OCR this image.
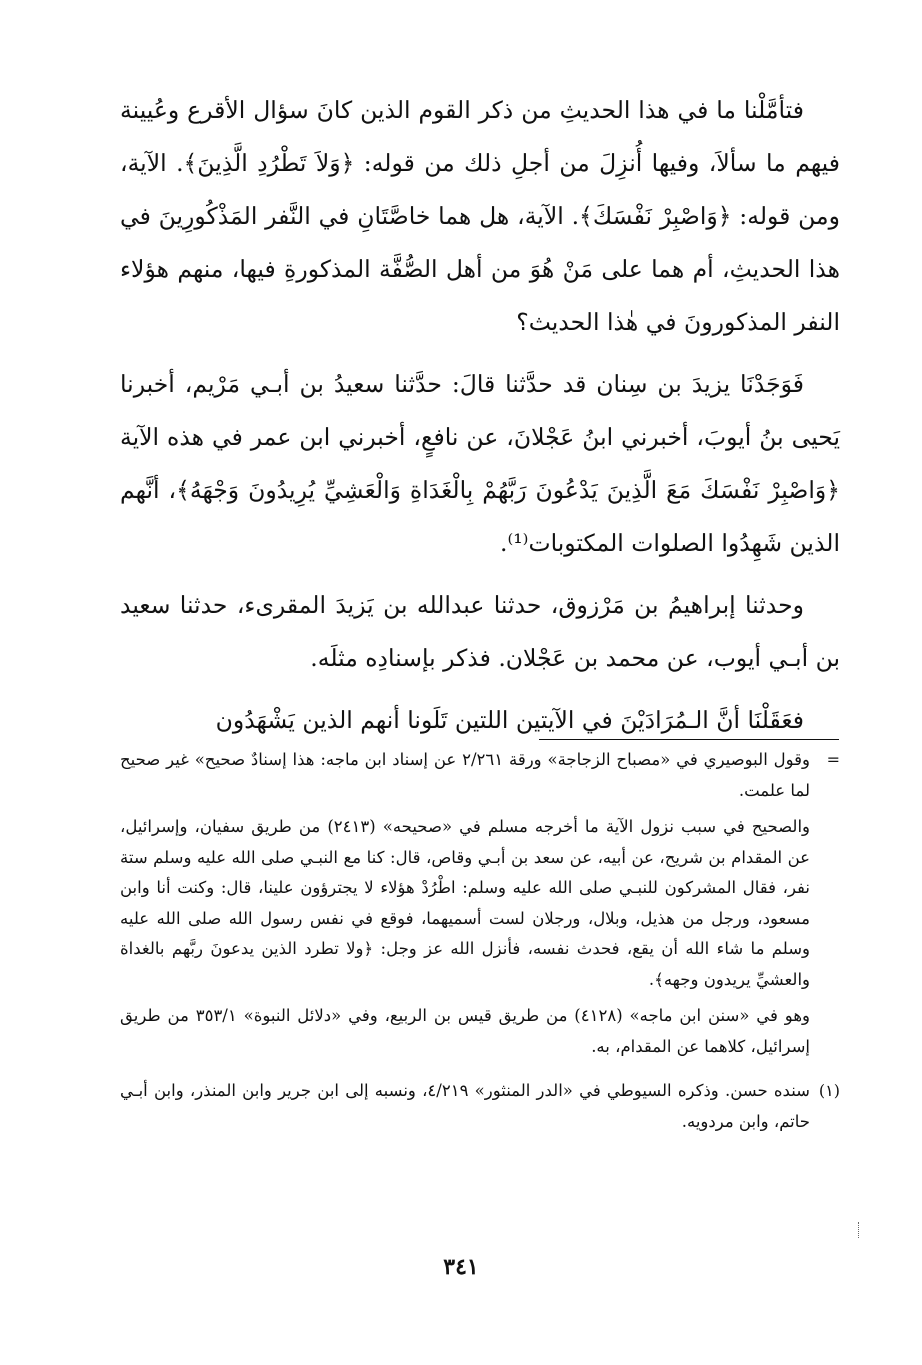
فتأمَّلْنا ما في هذا الحديثِ من ذكر القوم الذين كانَ سؤال الأقرع وعُيينة فيهم ما سألاَ، وفيها أُنزِلَ من أجلِ ذلك من قوله: ﴿وَلاَ تَطْرُدِ الَّذِينَ﴾. الآية، ومن قوله: ﴿وَاصْبِرْ نَفْسَكَ﴾. الآية، هل هما خاصَّتَانِ في النَّفر المَذْكُورِينَ في هذا الحديثِ، أم هما على مَنْ هُوَ من أهل الصُّفَّة المذكورةِ فيها، منهم هؤلاء النفر المذكورونَ في هٰذا الحديث؟

فَوَجَدْنَا يزيدَ بن سِنان قد حدَّثنا قالَ: حدَّثنا سعيدُ بن أبـي مَرْيم، أخبرنا يَحيى بنُ أيوبَ، أخبرني ابنُ عَجْلانَ، عن نافعٍ، أخبرني ابن عمر في هذه الآية ﴿وَاصْبِرْ نَفْسَكَ مَعَ الَّذِينَ يَدْعُونَ رَبَّهُمْ بِالْغَدَاةِ وَالْعَشِيِّ يُرِيدُونَ وَجْهَهُ﴾، أنَّهم الذين شَهِدُوا الصلوات المكتوبات⁽¹⁾.

وحدثنا إبراهيمُ بن مَرْزوق، حدثنا عبدالله بن يَزيدَ المقرىء، حدثنا سعيد بن أبـي أيوب، عن محمد بن عَجْلان. فذكر بإسنادِه مثلَه.

فعَقَلْنَا أنَّ الـمُرَادَيْنَ في الآيتين اللتين تَلَونا أنهم الذين يَشْهَدُون

=

وقول البوصيري في «مصباح الزجاجة» ورقة ٢/٢٦١ عن إسناد ابن ماجه: هذا إسنادٌ صحيح» غير صحيح لما علمت.

والصحيح في سبب نزول الآية ما أخرجه مسلم في «صحيحه» (٢٤١٣) من طريق سفيان، وإسرائيل، عن المقدام بن شريح، عن أبيه، عن سعد بن أبـي وقاص، قال: كنا مع النبـي صلى الله عليه وسلم ستة نفر، فقال المشركون للنبـي صلى الله عليه وسلم: اطْرُدْ هؤلاء لا يجترؤون علينا، قال: وكنت أنا وابن مسعود، ورجل من هذيل، وبلال، ورجلان لست أسميهما، فوقع في نفس رسول الله صلى الله عليه وسلم ما شاء الله أن يقع، فحدث نفسه، فأنزل الله عز وجل: ﴿ولا تطرد الذين يدعونَ ربَّهم بالغداة والعشيِّ يريدون وجهه﴾.

وهو في «سنن ابن ماجه» (٤١٢٨) من طريق قيس بن الربيع، وفي «دلائل النبوة» ٣٥٣/١ من طريق إسرائيل، كلاهما عن المقدام، به.

(١)

سنده حسن. وذكره السيوطي في «الدر المنثور» ٤/٢١٩، ونسبه إلى ابن جرير وابن المنذر، وابن أبـي حاتم، وابن مردويه.

٣٤١
